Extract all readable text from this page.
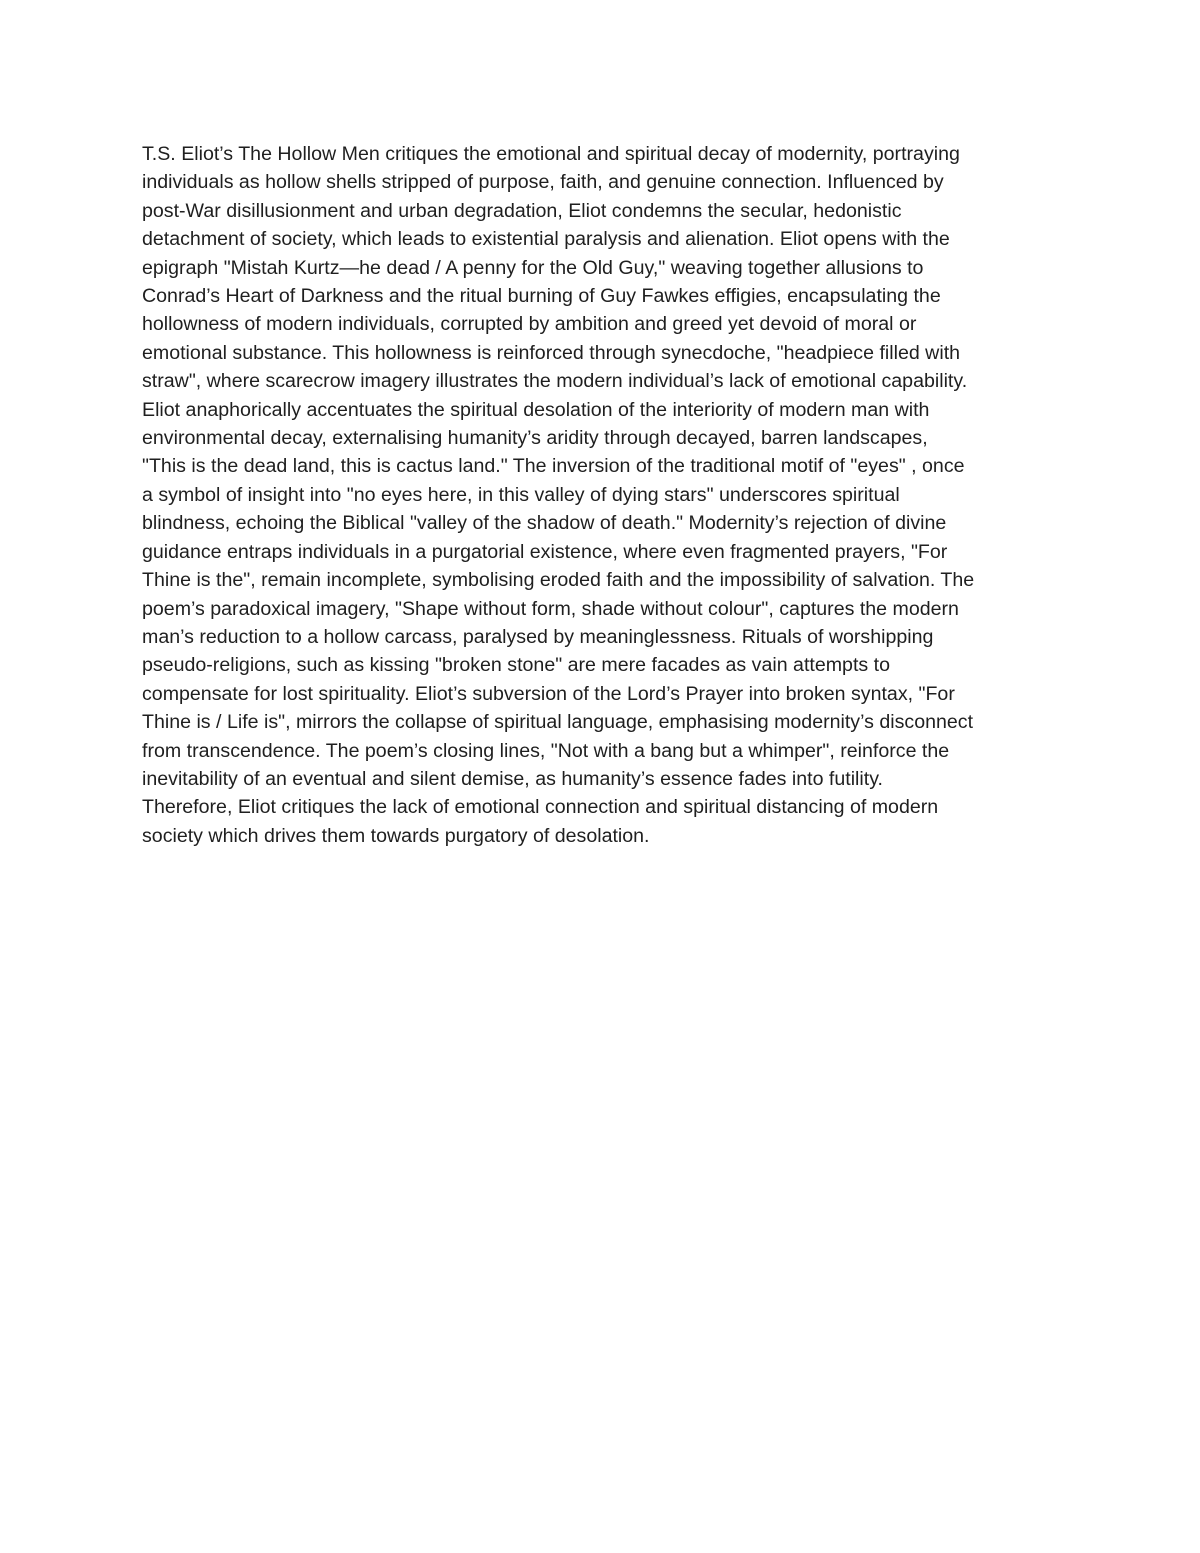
T.S. Eliot’s The Hollow Men critiques the emotional and spiritual decay of modernity, portraying
individuals as hollow shells stripped of purpose, faith, and genuine connection. Influenced by
post-War disillusionment and urban degradation, Eliot condemns the secular, hedonistic
detachment of society, which leads to existential paralysis and alienation. Eliot opens with the
epigraph "Mistah Kurtz—he dead / A penny for the Old Guy," weaving together allusions to
Conrad’s Heart of Darkness and the ritual burning of Guy Fawkes effigies, encapsulating the
hollowness of modern individuals, corrupted by ambition and greed yet devoid of moral or
emotional substance. This hollowness is reinforced through synecdoche, "headpiece filled with
straw", where scarecrow imagery illustrates the modern individual’s lack of emotional capability.
Eliot anaphorically accentuates the spiritual desolation of the interiority of modern man with
environmental decay, externalising humanity’s aridity through decayed, barren landscapes,
"This is the dead land, this is cactus land." The inversion of the traditional motif of "eyes" , once
a symbol of insight into "no eyes here, in this valley of dying stars" underscores spiritual
blindness, echoing the Biblical "valley of the shadow of death." Modernity’s rejection of divine
guidance entraps individuals in a purgatorial existence, where even fragmented prayers, "For
Thine is the", remain incomplete, symbolising eroded faith and the impossibility of salvation. The
poem’s paradoxical imagery, "Shape without form, shade without colour", captures the modern
man’s reduction to a hollow carcass, paralysed by meaninglessness. Rituals of worshipping
pseudo-religions, such as kissing "broken stone" are mere facades as vain attempts to
compensate for lost spirituality. Eliot’s subversion of the Lord’s Prayer into broken syntax, "For
Thine is / Life is", mirrors the collapse of spiritual language, emphasising modernity’s disconnect
from transcendence. The poem’s closing lines, "Not with a bang but a whimper", reinforce the
inevitability of an eventual and silent demise, as humanity’s essence fades into futility.
Therefore, Eliot critiques the lack of emotional connection and spiritual distancing of modern
society which drives them towards purgatory of desolation.
